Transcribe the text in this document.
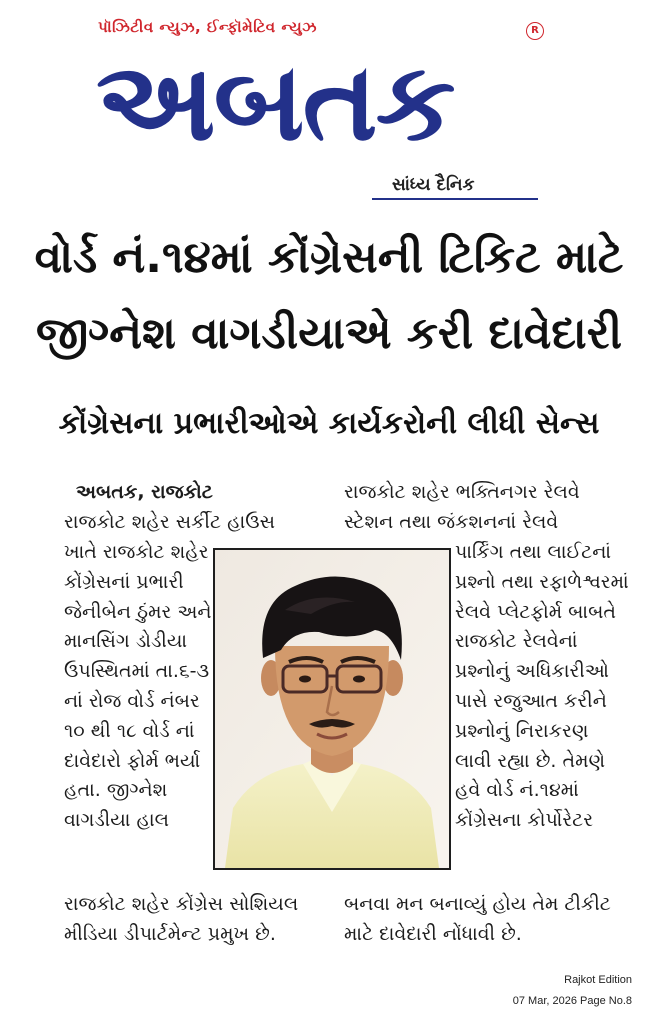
પૉઝિટીવ ન્યુઝ, ઈન્ફૉમેટિવ ન્યુઝ	R
અબતક
સાંધ્ય દૈનિક
વોર્ડ નં.૧૪માં કોંગ્રેસની ટિકિટ માટે
જીગ્નેશ વાગડીયાએ કરી દાવેદારી
કોંગ્રેસના પ્રભારીઓએ કાર્યકરોની લીધી સેન્સ
અબતક, રાજકોટ
રાજકોટ શહેર સર્કીટ હાઉસ
ખાતે રાજકોટ શહેર
કોંગ્રેસનાં પ્રભારી
જેનીબેન ઠુંમર અને
માનસિંગ ડોડીયા
ઉપસ્થિતમાં તા.૬-૩
નાં રોજ વોર્ડ નંબર
૧૦ થી ૧૮ વોર્ડ નાં
દાવેદારો ફોર્મ ભર્યા
હતા. જીગ્નેશ
વાગડીયા હાલ
રાજકોટ શહેર કોંગ્રેસ સોશિયલ
મીડિયા ડીપાર્ટમેન્ટ પ્રમુખ છે.
રાજકોટ શહેર ભક્તિનગર રેલવે
સ્ટેશન તથા જંકશનનાં રેલવે
પાર્કિંગ તથા લાઈટનાં
પ્રશ્નો તથા રફાળેશ્વરમાં
રેલવે પ્લેટફોર્મ બાબતે
રાજકોટ રેલવેનાં
પ્રશ્નોનું અધિકારીઓ
પાસે રજુઆત કરીને
પ્રશ્નોનું નિરાકરણ
લાવી રહ્યા છે. તેમણે
હવે વોર્ડ નં.૧૪માં
કોંગ્રેસના કોર્પોરેટર
બનવા મન બનાવ્યું હોય તેમ ટીકીટ
માટે દાવેદારી નોંધાવી છે.
Rajkot Edition
07 Mar, 2026 Page No.8
